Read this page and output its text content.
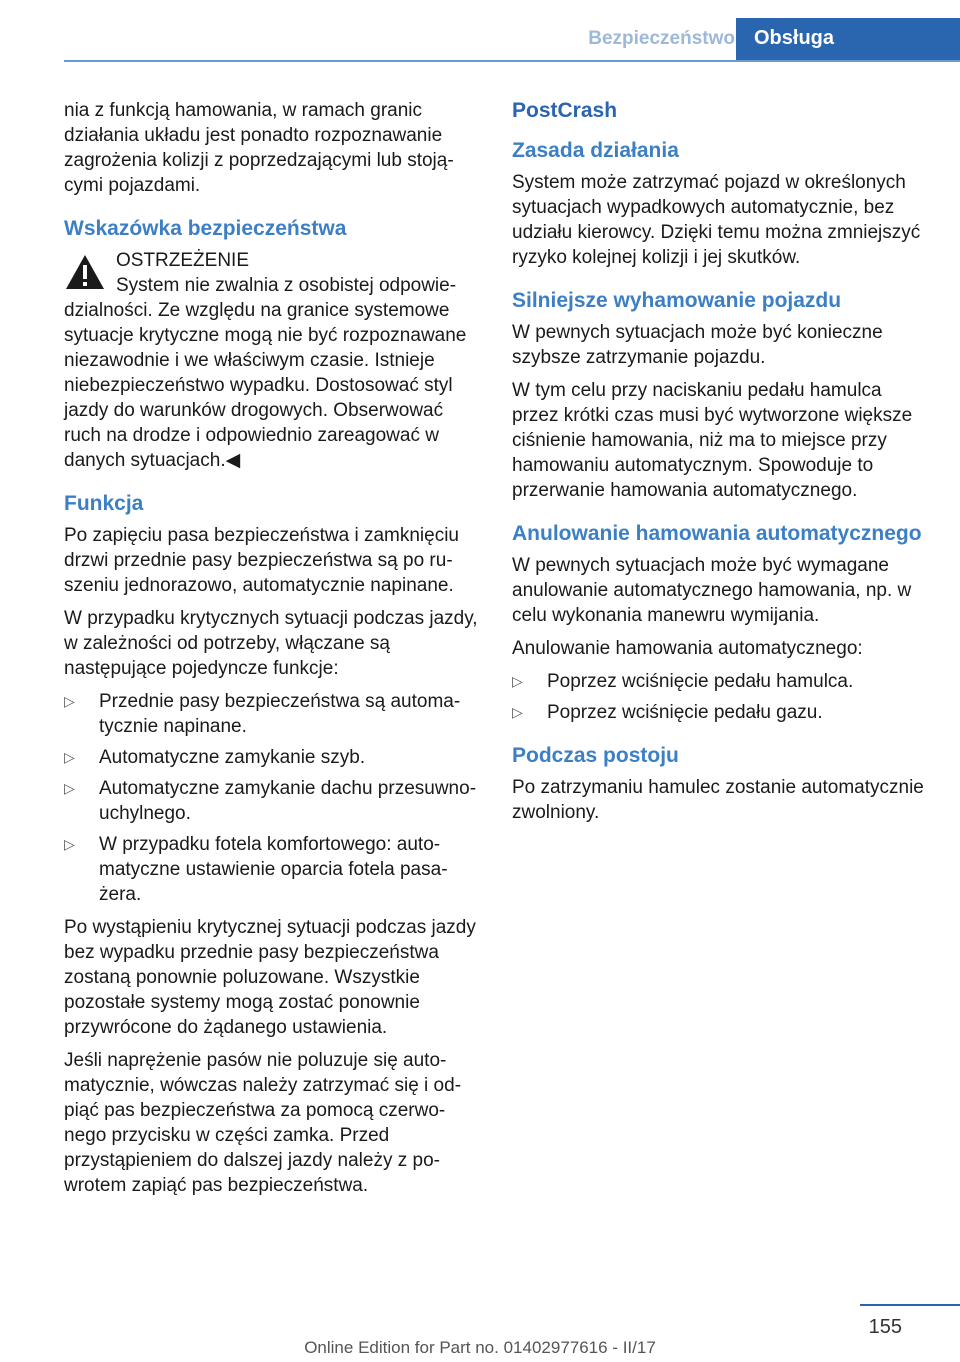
Bezpieczeństwo Obsługa

nia z funkcją hamowania, w ramach granic działania układu jest ponadto rozpoznawanie zagrożenia kolizji z poprzedzającymi lub stojącymi pojazdami.

Wskazówka bezpieczeństwa

OSTRZEŻENIE

System nie zwalnia z osobistej odpowiedzialności. Ze względu na granice systemowe sytuacje krytyczne mogą nie być rozpoznawane niezawodnie i we właściwym czasie. Istnieje niebezpieczeństwo wypadku. Dostosować styl jazdy do warunków drogowych. Obserwować ruch na drodze i odpowiednio zareagować w danych sytuacjach.◀

Funkcja

Po zapięciu pasa bezpieczeństwa i zamknięciu drzwi przednie pasy bezpieczeństwa są po ruszeniu jednorazowo, automatycznie napinane.

W przypadku krytycznych sytuacji podczas jazdy, w zależności od potrzeby, włączane są następujące pojedyncze funkcje:

▷ Przednie pasy bezpieczeństwa są automatycznie napinane.
▷ Automatyczne zamykanie szyb.
▷ Automatyczne zamykanie dachu przesuwno-uchylnego.
▷ W przypadku fotela komfortowego: automatyczne ustawienie oparcia fotela pasażera.

Po wystąpieniu krytycznej sytuacji podczas jazdy bez wypadku przednie pasy bezpieczeństwa zostaną ponownie poluzowane. Wszystkie pozostałe systemy mogą zostać ponownie przywrócone do żądanego ustawienia.

Jeśli naprężenie pasów nie poluzuje się automatycznie, wówczas należy zatrzymać się i odpiąć pas bezpieczeństwa za pomocą czerwonego przycisku w części zamka. Przed przystąpieniem do dalszej jazdy należy z powrotem zapiąć pas bezpieczeństwa.

PostCrash
Zasada działania

System może zatrzymać pojazd w określonych sytuacjach wypadkowych automatycznie, bez udziału kierowcy. Dzięki temu można zmniejszyć ryzyko kolejnej kolizji i jej skutków.

Silniejsze wyhamowanie pojazdu

W pewnych sytuacjach może być konieczne szybsze zatrzymanie pojazdu.

W tym celu przy naciskaniu pedału hamulca przez krótki czas musi być wytworzone większe ciśnienie hamowania, niż ma to miejsce przy hamowaniu automatycznym. Spowoduje to przerwanie hamowania automatycznego.

Anulowanie hamowania automatycznego

W pewnych sytuacjach może być wymagane anulowanie automatycznego hamowania, np. w celu wykonania manewru wymijania.

Anulowanie hamowania automatycznego:

▷ Poprzez wciśnięcie pedału hamulca.
▷ Poprzez wciśnięcie pedału gazu.
Podczas postoju

Po zatrzymaniu hamulec zostanie automatycznie zwolniony.

155
Online Edition for Part no. 01402977616 - II/17
